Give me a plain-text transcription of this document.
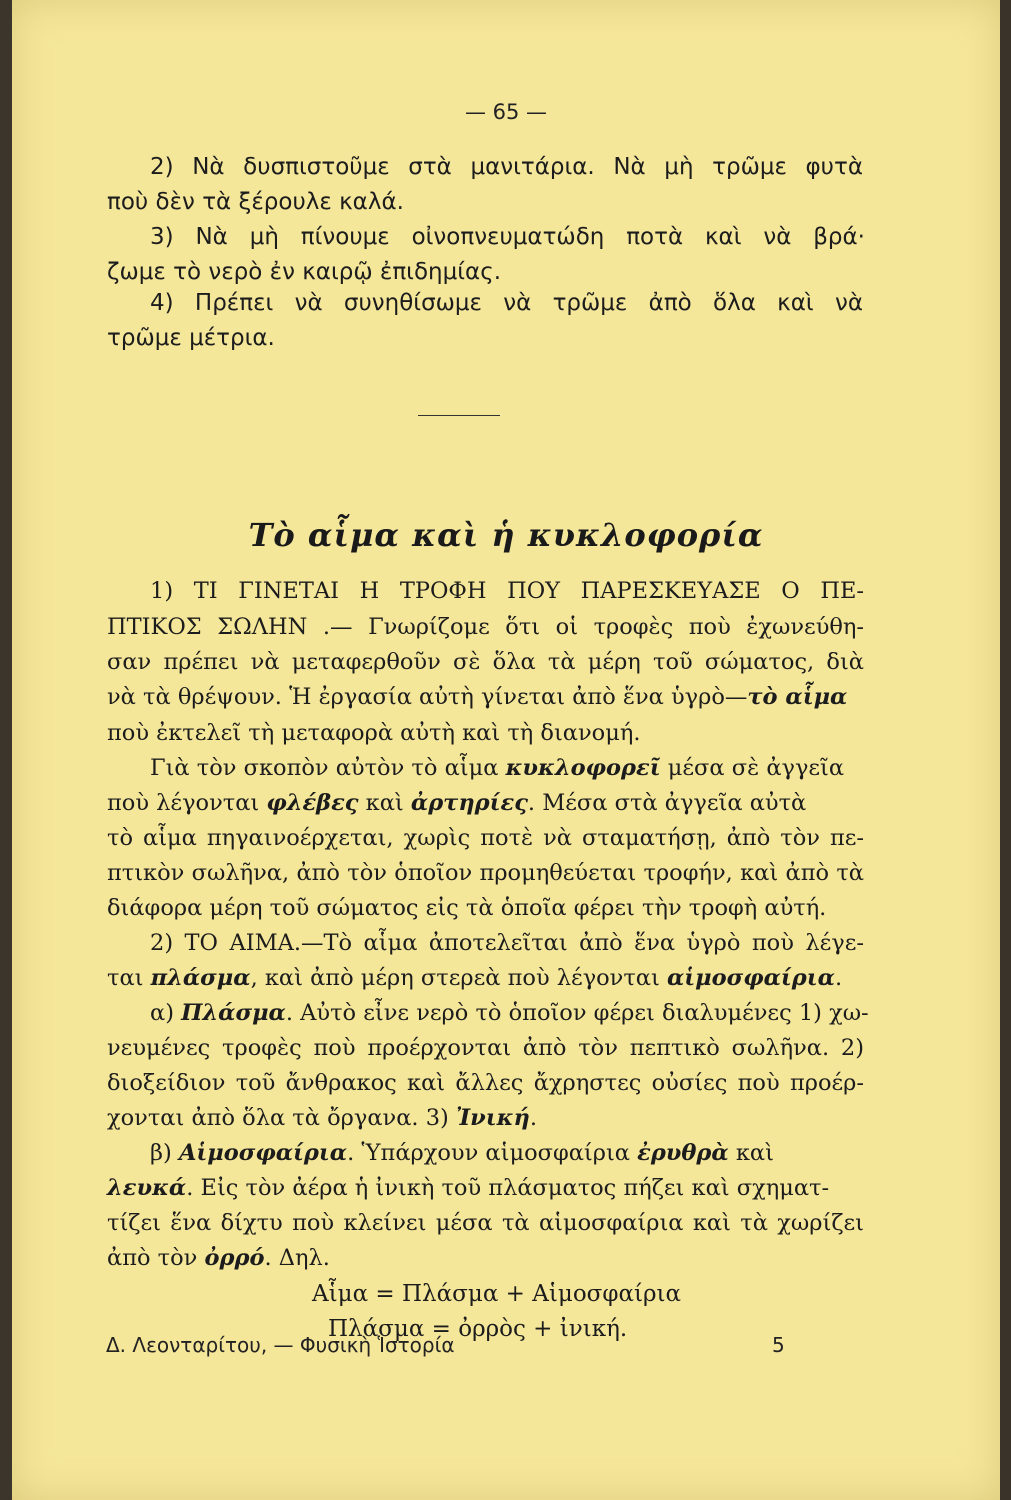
— 65 —
2) Νὰ δυσπιστοῦμε στὰ μανιτάρια. Νὰ μὴ τρῶμε φυτὰ
ποὺ δὲν τὰ ξέρουλε καλά.
3) Νὰ μὴ πίνουμε οἰνοπνευματώδη ποτὰ καὶ νὰ βρά·
ζωμε τὸ νερὸ ἐν καιρῷ ἐπιδημίας.
4) Πρέπει νὰ συνηθίσωμε νὰ τρῶμε ἀπὸ ὅλα καὶ νὰ
τρῶμε μέτρια.
Τὸ αἷμα καὶ ἡ κυκλοφορία
1) ΤΙ ΓΙΝΕΤΑΙ Η ΤΡΟΦΗ ΠΟΥ ΠΑΡΕΣΚΕΥΑΣΕ Ο ΠΕ-
ΠΤΙΚΟΣ ΣΩΛΗΝ .— Γνωρίζομε ὅτι οἱ τροφὲς ποὺ ἐχωνεύθη-
σαν πρέπει νὰ μεταφερθοῦν σὲ ὅλα τὰ μέρη τοῦ σώματος, διὰ
νὰ τὰ θρέψουν. Ἡ ἐργασία αὐτὴ γίνεται ἀπὸ ἕνα ὑγρὸ—τὸ αἷμα
ποὺ ἐκτελεῖ τὴ μεταφορὰ αὐτὴ καὶ τὴ διανομή.
Γιὰ τὸν σκοπὸν αὐτὸν τὸ αἷμα κυκλοφορεῖ μέσα σὲ ἀγγεῖα
ποὺ λέγονται φλέβες καὶ ἀρτηρίες. Μέσα στὰ ἀγγεῖα αὐτὰ
τὸ αἷμα πηγαινοέρχεται, χωρὶς ποτὲ νὰ σταματήσῃ, ἀπὸ τὸν πε-
πτικὸν σωλῆνα, ἀπὸ τὸν ὁποῖον προμηθεύεται τροφήν, καὶ ἀπὸ τὰ
διάφορα μέρη τοῦ σώματος εἰς τὰ ὁποῖα φέρει τὴν τροφὴ αὐτή.
2) ΤΟ ΑΙΜΑ.—Τὸ αἷμα ἀποτελεῖται ἀπὸ ἕνα ὑγρὸ ποὺ λέγε-
ται πλάσμα, καὶ ἀπὸ μέρη στερεὰ ποὺ λέγονται αἱμοσφαίρια.
α) Πλάσμα. Αὐτὸ εἶνε νερὸ τὸ ὁποῖον φέρει διαλυμένες 1) χω-
νευμένες τροφὲς ποὺ προέρχονται ἀπὸ τὸν πεπτικὸ σωλῆνα. 2)
διοξείδιον τοῦ ἄνθρακος καὶ ἄλλες ἄχρηστες οὐσίες ποὺ προέρ-
χονται ἀπὸ ὅλα τὰ ὄργανα. 3) Ἰνική.
β) Αἱμοσφαίρια. Ὑπάρχουν αἱμοσφαίρια ἐρυθρὰ καὶ
λευκά. Εἰς τὸν ἀέρα ἡ ἰνικὴ τοῦ πλάσματος πήζει καὶ σχηματ-
τίζει ἕνα δίχτυ ποὺ κλείνει μέσα τὰ αἱμοσφαίρια καὶ τὰ χωρίζει
ἀπὸ τὸν ὀρρό. Δηλ.
Αἷμα = Πλάσμα + Αἱμοσφαίρια
Πλάσμα = ὀρρὸς + ἰνική.
Δ. Λεονταρίτου, — Φυσικὴ Ἱστορία	5
